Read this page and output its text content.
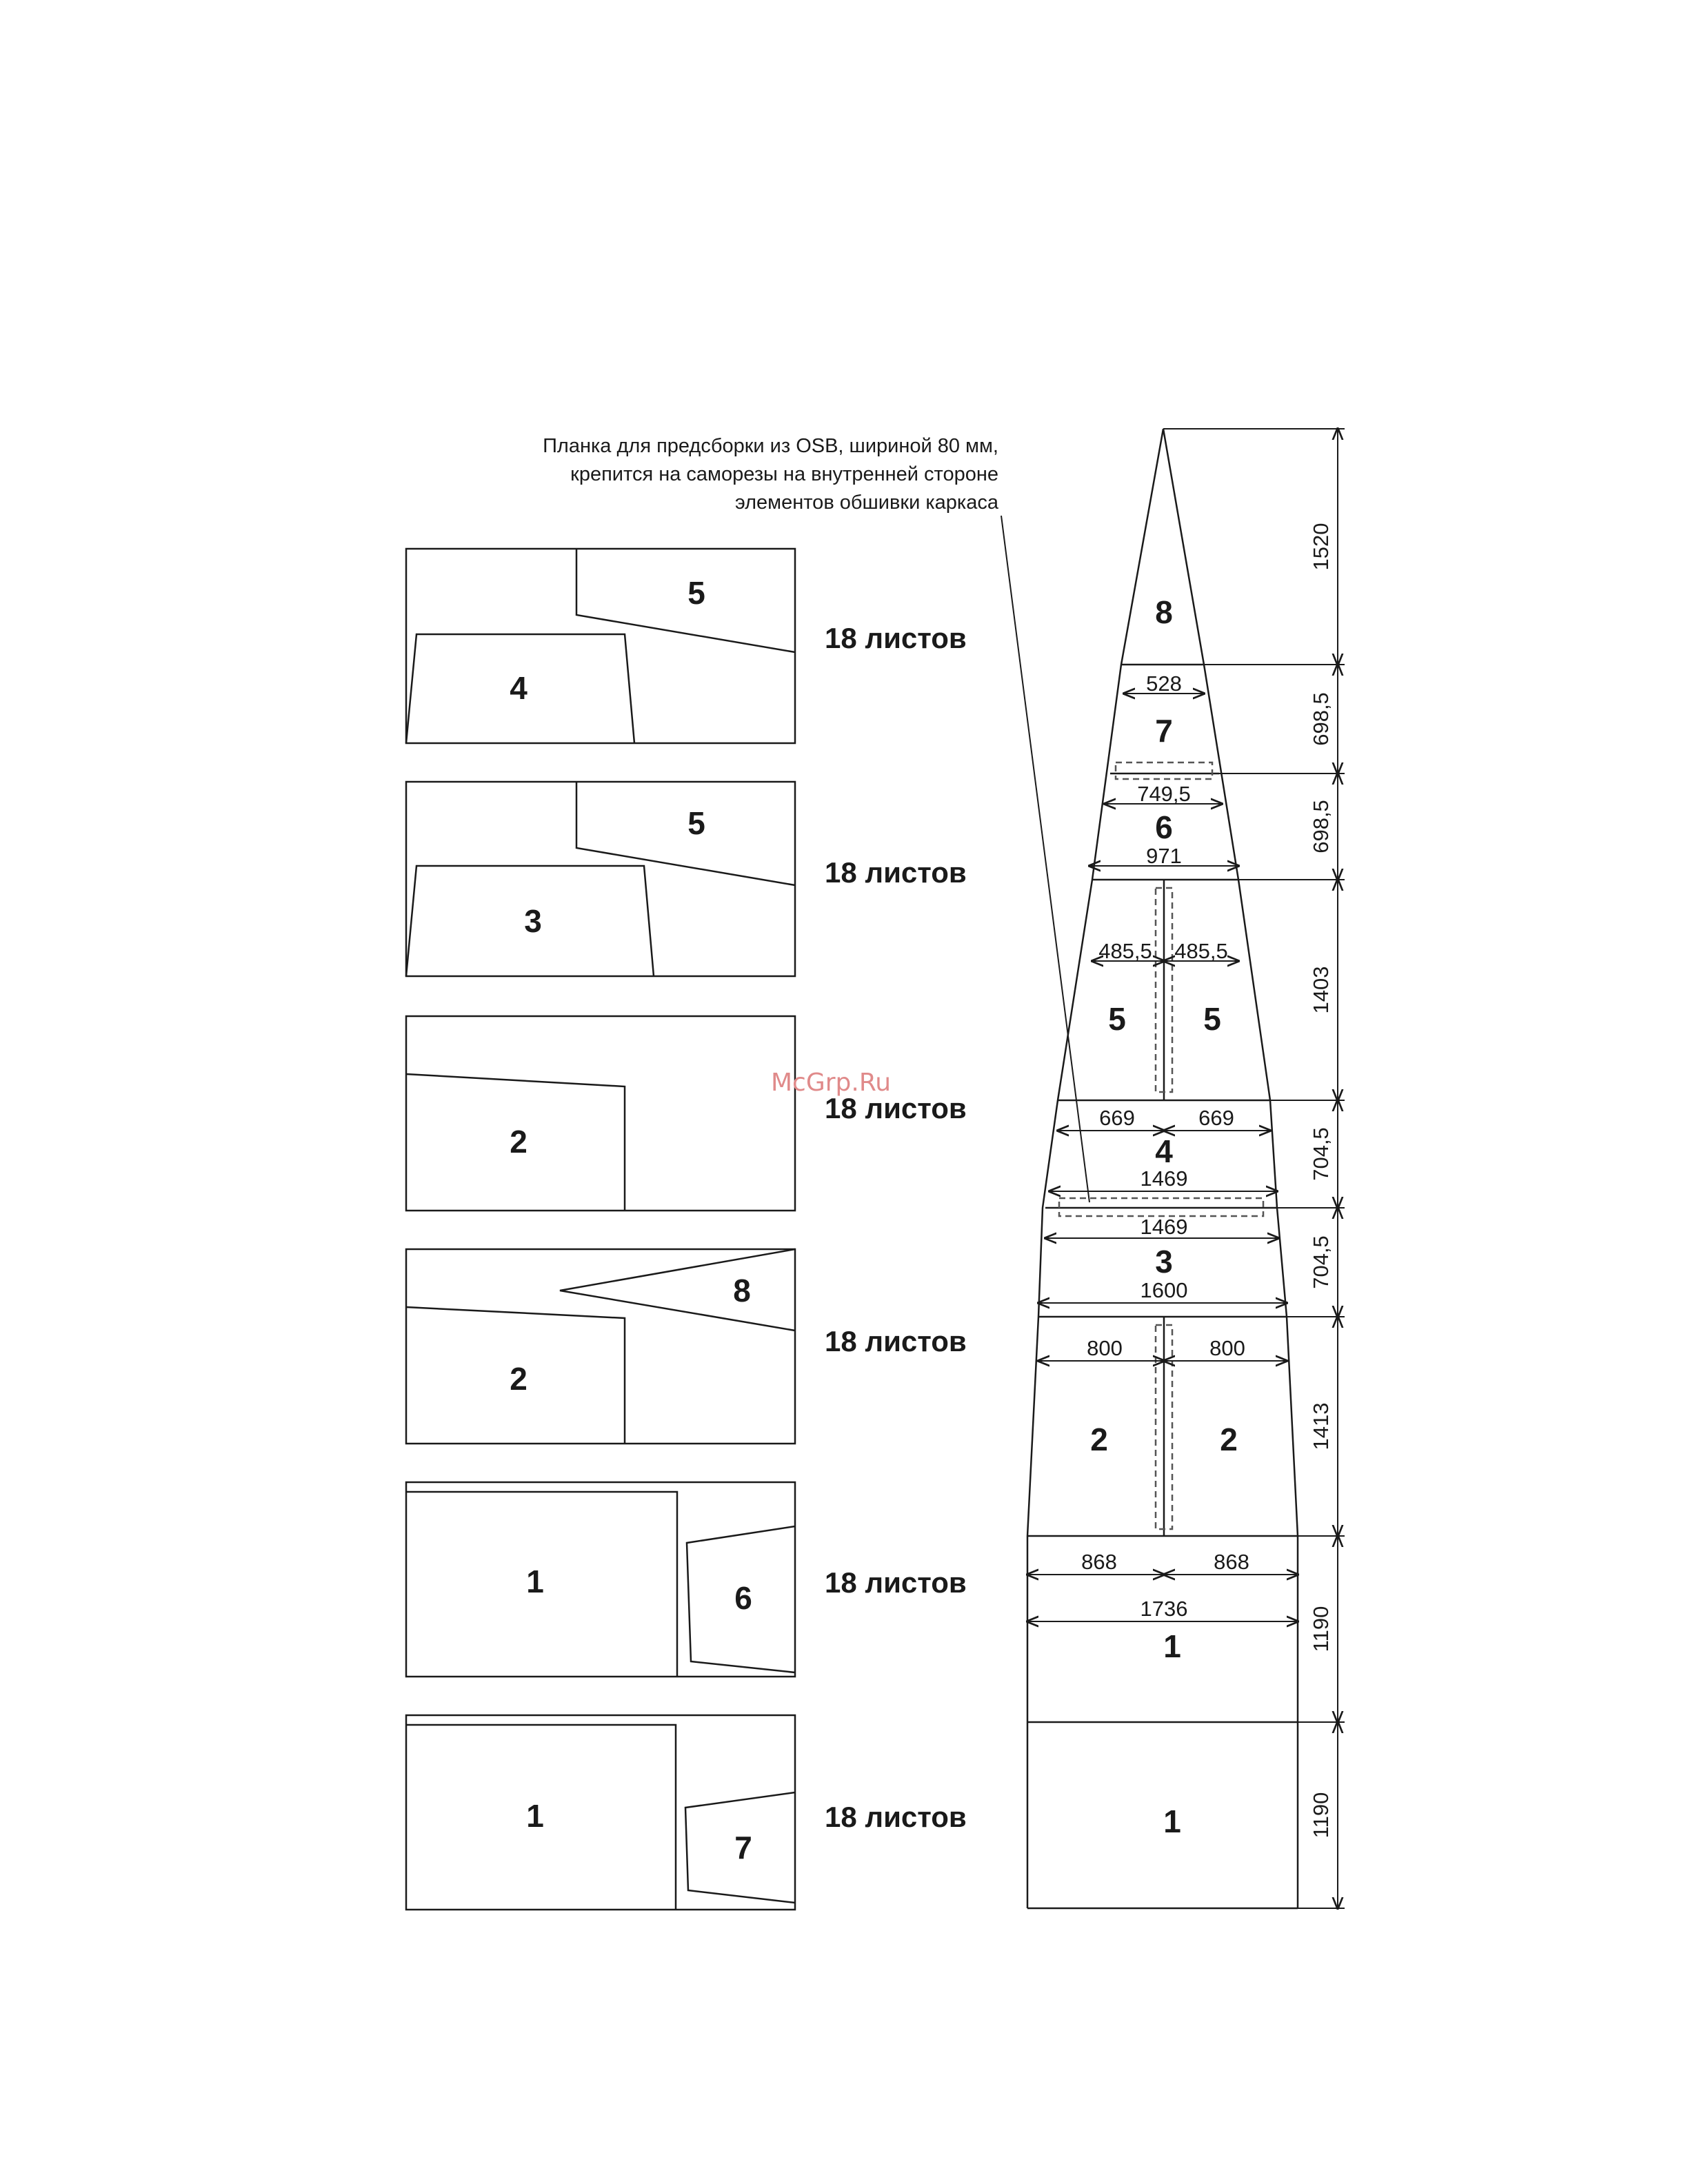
Планка для предсборки из OSB, шириной 80 мм,
крепится на саморезы на внутренней стороне
элементов обшивки каркаса
5
4
18 листов
5
3
18 листов
2
18 листов
8
2
18 листов
1	6	18 листов
1
7
18 листов
8
7
6
5 5
4
3
2	2
1
1
528
749,5
971
485,5 485,5
669	669
1469
1469
1600
800	800
868	868
1736
1520
698,5
698,5
1403
704,5
704,5
1413
1190
1190
McGrp.Ru
